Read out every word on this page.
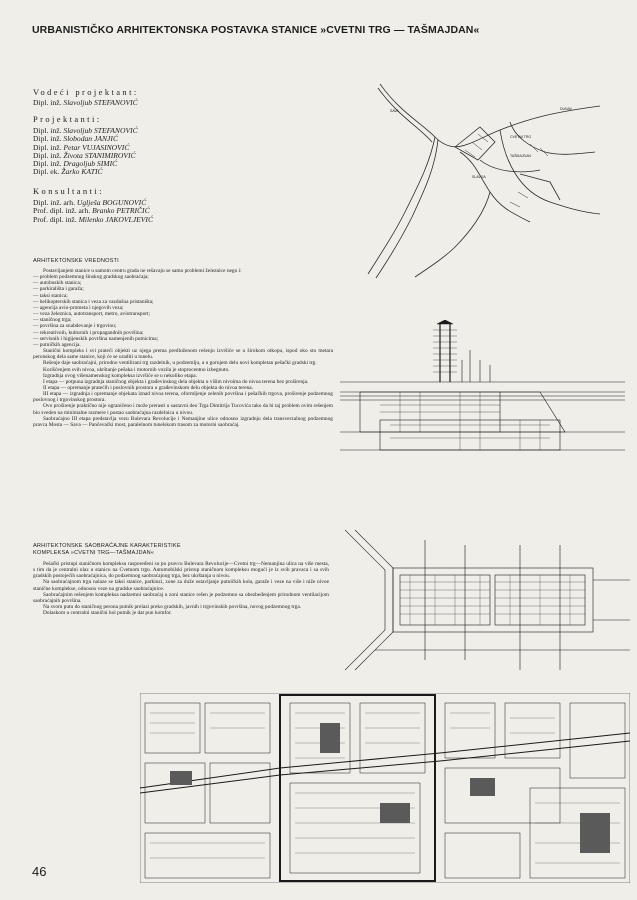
URBANISTIČKO ARHITEKTONSKA POSTAVKA STANICE »CVETNI TRG — TAŠMAJDAN«
Vodeći projektant:
Dipl. inž. Slavoljub STEFANOVIĆ
Projektanti:
Dipl. inž. Slavoljub STEFANOVIĆ
Dipl. inž. Slobodan JANJIĆ
Dipl. inž. Petar VUJASINOVIĆ
Dipl. inž. Života STANIMIROVIĆ
Dipl. inž. Dragoljub SIMIĆ
Dipl. ek. Žarko KATIĆ
Konsultanti:
Dipl. inž. arh. Uglješa BOGUNOVIĆ
Prof. dipl. inž. arh. Branko PETRIČIĆ
Prof. dipl. inž. Milenko JAKOVLJEVIĆ
ARHITEKTONSKE VREDNOSTI

Postavljanjem stanice u samom centru grada ne rešavaju se samo problemi železnice nego i:

— problem podzemnog šinskog gradskog saobraćaja;
— autobuskih stanica;
— parkirališta i garaža;
— taksi stanica;
— helikopterskih stanica i veza za vazdušna pristaništa;
— agencija avio-prometa i njegovih veza;
— veza železnica, autotransport, metro, aviotransport;
— staničnog trga;
— površina za snabdevanje i trgovinu;
— rekreativnih, kulturnih i propagandnih površina;
— servisnih i higijenskih površina namenjenih putnicima;
— putničkih agencija.

Stanični kompleks i svi prateći objekti uz njega prema predloženom rešenju izvršiće se u širokom otkopu, ispod oko sto metara peronskog dela same stanice, koji će se uraditi u tunelu.

Rešenje daje saobraćajni, prirodno ventilirani trg razdelnik, u podzemlju, a u gornjem delu novi kompletan pešački gradski trg.

Korišćenjem svih nivoa, ukrštanje pešaka i motornih vozila je stoprocentno izbegnuto.

Izgradnja ovog višenamenskog kompleksa izvršiće se u nekoliko etapa.

I etapa — potpuna izgradnja staničnog objekta i građevinskog dela objekta u višim nivoima do nivoa terena bez proširenja.

II etapa — opremanje pratećih i poslovnih prostora u građevinskom delu objekta do nivoa terena.

III etapa — izgradnja i opremanje objekata iznad nivoa terena, oformljenje zelenih površina i pešačkih trgova, proširenje podzemnog poslovnog i trgovinskog prostora.

Ovo proširenje praktično nije ograničeno i može prerasti u sastavni deo Trga Dimitrija Tucovića tako da bi taj problem ovim rešenjem bio sveden na minimalne razmere i postao saobraćajna razdelnica u nivou.

Saobraćajno III etapa predstavlja vezu Bulevara Revolucije i Nemanjine ulice odnosno izgradnju dela transverzalnog podzemnog pravca Mosta — Sava — Pančevački most, paralelnom tunelskom trasom za motorni saobraćaj.

ARHITEKTONSKE SAOBRAĆAJNE KARAKTERISTIKE
KOMPLEKSA »CVETNI TRG—TAŠMAJDAN«

Pešački pristupi staničnom kompleksu raspoređeni su po pravcu Bulevara Revolucije—Cvetni trg—Nemanjina ulica na više mesta, s tim da je centralni ulaz u stanicu na Cvetnom trgu. Automobilski pristup staničnom kompleksu mogući je iz svih pravaca i sa svih gradskih postojećih saobraćajnica, do podzemnog saobraćajnog trga, bez ukrštanja u nivou.

Na saobraćajnom trgu nalaze se taksi stanice, parkinzi, zone za duže ostavljanje putničkih kola, garaže i veze na više i niže nivoe stanične komplekse, odnosno veze na gradske saobraćajnice.

Saobraćajnim rešenjem kompleksa nadzemni saobraćaj u zoni stanice rešen je podzemno sa obezbeđenjem prirodnom ventilacijom saobraćajnih površina.

Na svom putu do staničnog perona putnik prelazi preko gradskih, javnih i trgovinskih površina, novog podzemnog trga.

Dolaskom u centralni stanični hol putnik je dat pun komfor.

CVETNI TRG
TAŠMAJDAN
SLAVIJA
DUNAV
SAVA
46
